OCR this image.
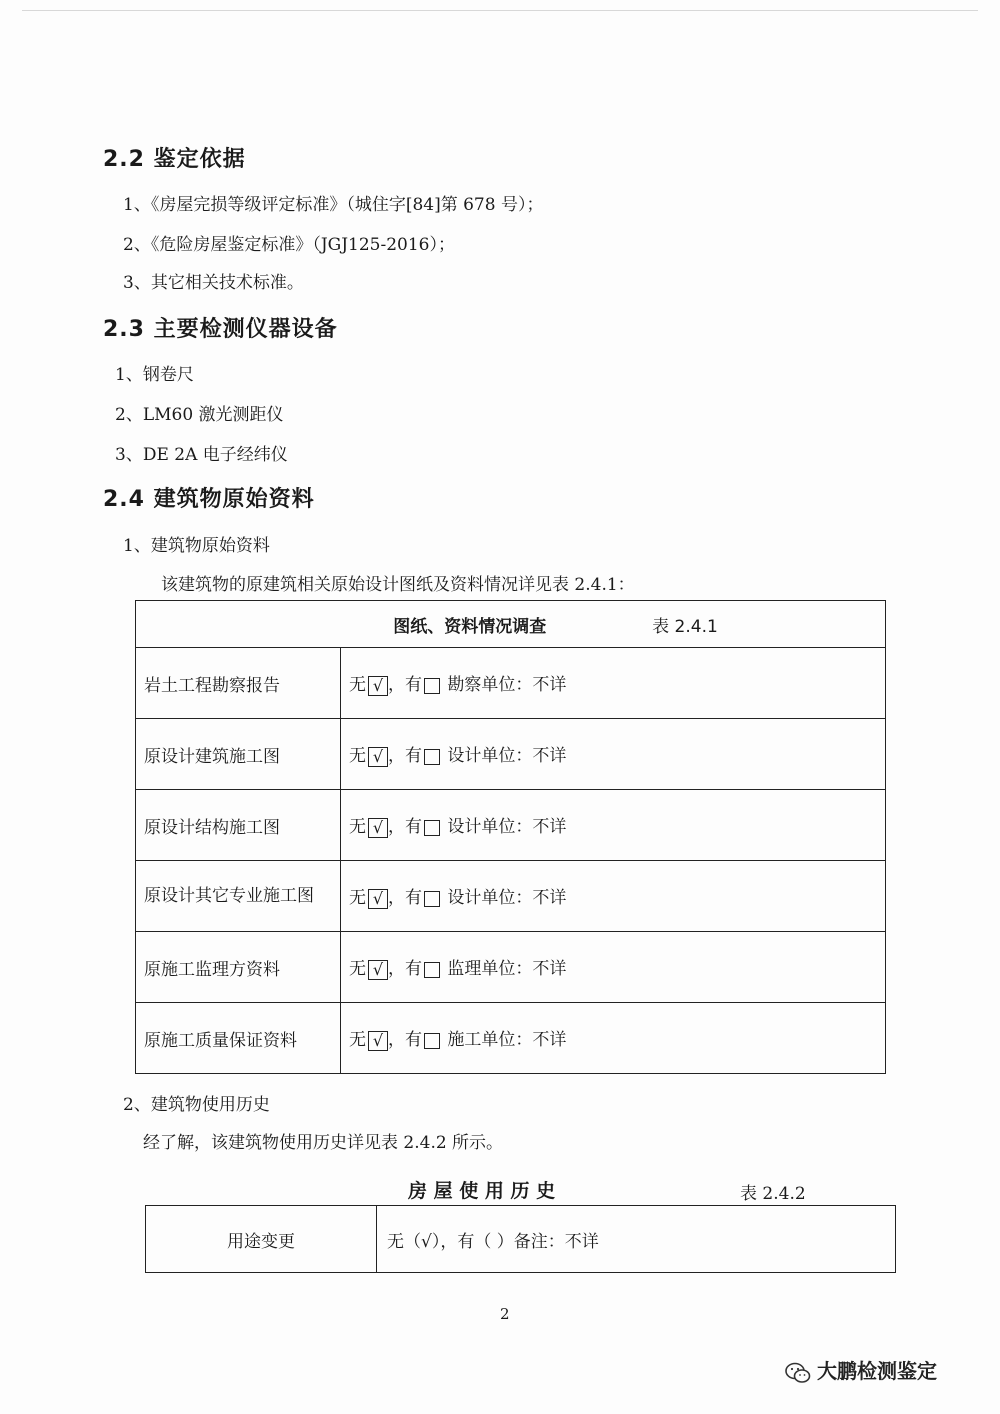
2.2 鉴定依据
1、《房屋完损等级评定标准》（城住字[84]第 678 号）；
2、《危险房屋鉴定标准》（JGJ125-2016）；
3、其它相关技术标准。
2.3 主要检测仪器设备
1、钢卷尺
2、LM60 激光测距仪
3、DE 2A 电子经纬仪
2.4 建筑物原始资料
1、建筑物原始资料
该建筑物的原建筑相关原始设计图纸及资料情况详见表 2.4.1：
图纸、资料情况调查 表 2.4.1	
岩土工程勘察报告	无 √ ，有 勘察单位：不详
原设计建筑施工图	无 √ ，有 设计单位：不详
原设计结构施工图	无 √ ，有 设计单位：不详
原设计其它专业施工图	无 √ ，有 设计单位：不详
原施工监理方资料	无 √ ，有 监理单位：不详
原施工质量保证资料	无 √ ，有 施工单位：不详
2、建筑物使用历史
经了解，该建筑物使用历史详见表 2.4.2 所示。
房 屋 使 用 历 史	表 2.4.2
用途变更	无（√），有（ ）备注：不详
2
大鹏检测鉴定
